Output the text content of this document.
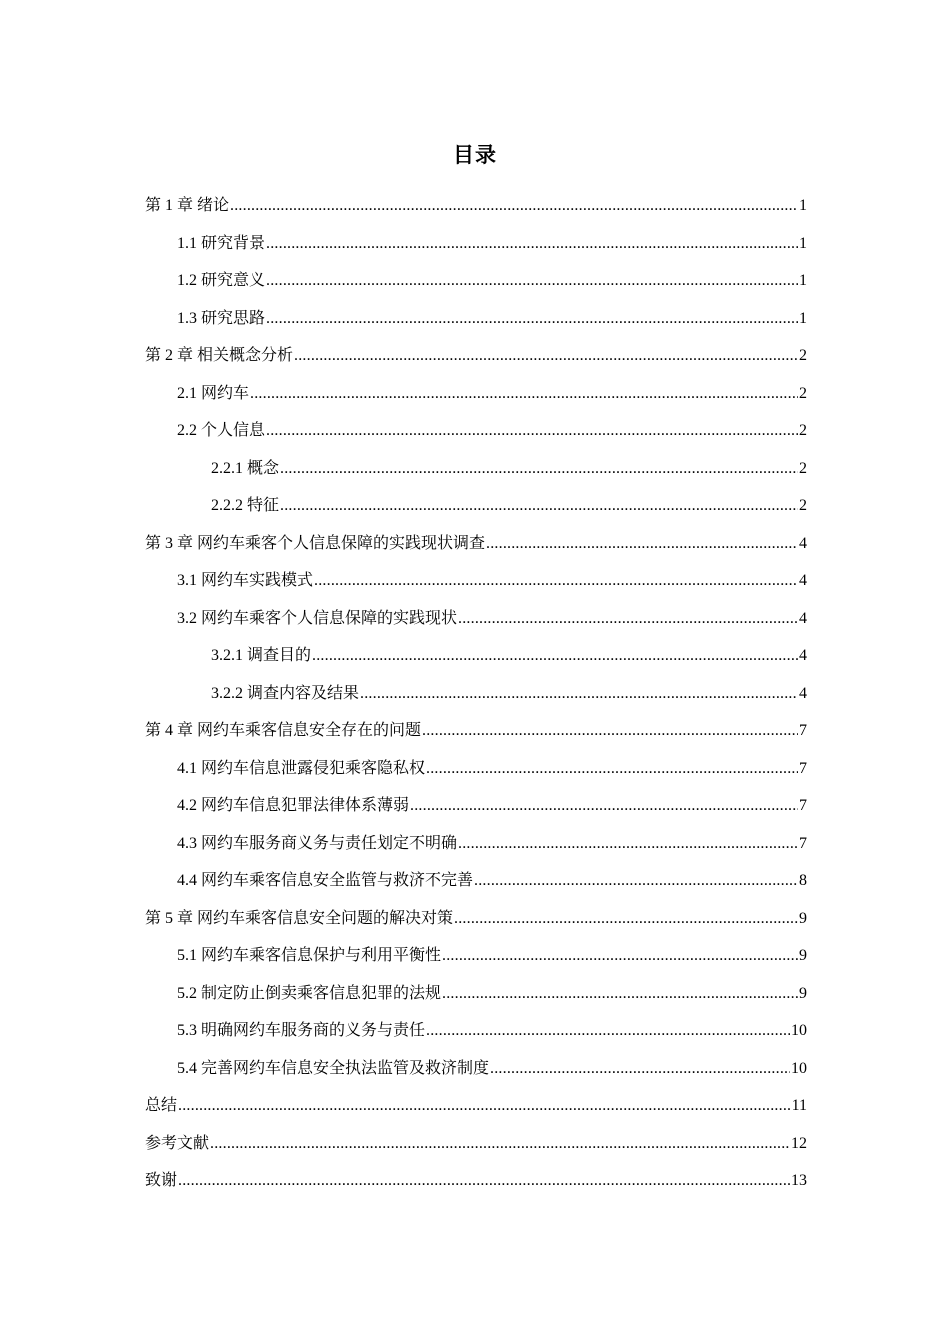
目录
第 1 章 绪论 .....	1
1.1 研究背景 .....	1
1.2 研究意义 .....	1
1.3 研究思路 .....	1
第 2 章 相关概念分析 .....	2
2.1 网约车 .....	2
2.2 个人信息 .....	2
2.2.1 概念 .....	2
2.2.2 特征 .....	2
第 3 章 网约车乘客个人信息保障的实践现状调查 .....	4
3.1 网约车实践模式 .....	4
3.2 网约车乘客个人信息保障的实践现状 .....	4
3.2.1 调查目的 .....	4
3.2.2 调查内容及结果 .....	4
第 4 章 网约车乘客信息安全存在的问题 .....	7
4.1 网约车信息泄露侵犯乘客隐私权 .....	7
4.2 网约车信息犯罪法律体系薄弱 .....	7
4.3 网约车服务商义务与责任划定不明确 .....	7
4.4 网约车乘客信息安全监管与救济不完善 .....	8
第 5 章 网约车乘客信息安全问题的解决对策 .....	9
5.1 网约车乘客信息保护与利用平衡性 .....	9
5.2 制定防止倒卖乘客信息犯罪的法规 .....	9
5.3 明确网约车服务商的义务与责任 .....	10
5.4 完善网约车信息安全执法监管及救济制度 .....	10
总结 .....	11
参考文献 .....	12
致谢 .....	13
